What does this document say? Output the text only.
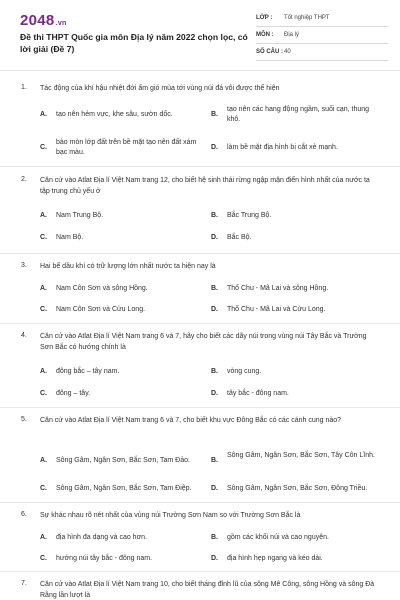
2048.vn
Đề thi THPT Quốc gia môn Địa lý năm 2022 chọn lọc, có lời giải (Đề 7)
LỚP : Tốt nghiệp THPT
MÔN : Địa lý
SỐ CÂU : 40
1. Tác động của khí hậu nhiệt đới ẩm gió mùa tới vùng núi đá vôi được thể hiện
A. tạo nên hẻm vực, khe sâu, sườn dốc.	B.
tạo nên các hang động ngầm, suối cạn, thung khô.
C.
bào mòn lớp đất trên bề mặt tạo nên đất xám bạc màu.
D. làm bề mặt địa hình bị cắt xẻ mạnh.
2. Căn cứ vào Atlat Địa lí Việt Nam trang 12, cho biết hệ sinh thái rừng ngập mặn điển hình nhất của nước ta tập trung chủ yếu ở
A. Nam Trung Bộ.	B. Bắc Trung Bộ.
C. Nam Bộ.	D. Bắc Bộ.
3. Hai bể dầu khí có trữ lượng lớn nhất nước ta hiện nay là
A. Nam Côn Sơn và sông Hồng.	B. Thổ Chu - Mã Lai và sông Hồng.
C. Nam Côn Sơn và Cửu Long.	D. Thổ Chu - Mã Lai và Cửu Long.
4. Căn cứ vào Atlat Địa lí Việt Nam trang 6 và 7, hãy cho biết các dãy núi trong vùng núi Tây Bắc và Trường Sơn Bắc có hướng chính là
A. đông bắc – tây nam.	B. vòng cung.
C. đông – tây.	D. tây bắc - đông nam.
5. Căn cứ vào Atlat Địa lí Việt Nam trang 6 và 7, cho biết khu vực Đông Bắc có các cánh cung nào?
A. Sông Gâm, Ngân Sơn, Bắc Sơn, Tam Đảo.	B.
Sông Gâm, Ngân Sơn, Bắc Sơn, Tây Côn Lĩnh.
C. Sông Gâm, Ngân Sơn, Bắc Sơn, Tam Điệp.	D. Sông Gâm, Ngân Sơn, Bắc Sơn, Đông Triều.
6. Sự khác nhau rõ nét nhất của vùng núi Trường Sơn Nam so với Trường Sơn Bắc là
A. địa hình đa dạng và cao hơn.	B. gồm các khối núi và cao nguyên.
C. hướng núi tây bắc - đông nam.	D. địa hình hẹp ngang và kéo dài.
7. Căn cứ vào Atlat Địa lí Việt Nam trang 10, cho biết tháng đỉnh lũ của sông Mê Công, sông Hồng và sông Đà Rằng lần lượt là
